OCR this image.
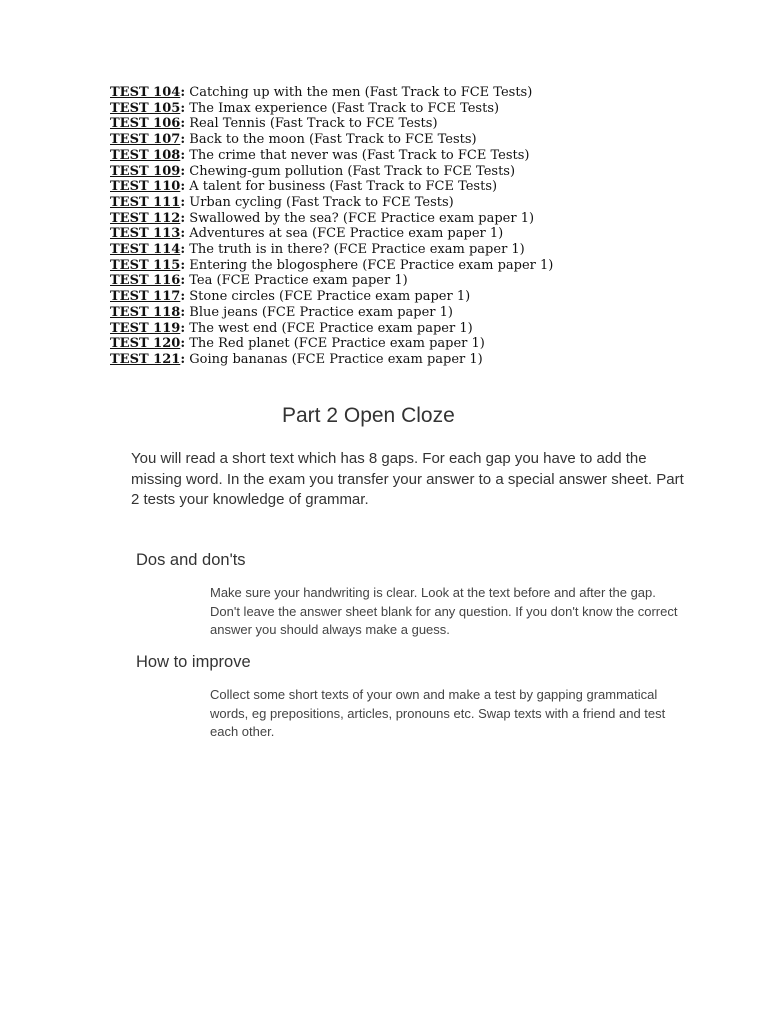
TEST 104: Catching up with the men (Fast Track to FCE Tests)
TEST 105: The Imax experience (Fast Track to FCE Tests)
TEST 106: Real Tennis (Fast Track to FCE Tests)
TEST 107: Back to the moon (Fast Track to FCE Tests)
TEST 108: The crime that never was (Fast Track to FCE Tests)
TEST 109: Chewing-gum pollution (Fast Track to FCE Tests)
TEST 110: A talent for business (Fast Track to FCE Tests)
TEST 111: Urban cycling (Fast Track to FCE Tests)
TEST 112: Swallowed by the sea? (FCE Practice exam paper 1)
TEST 113: Adventures at sea (FCE Practice exam paper 1)
TEST 114: The truth is in there? (FCE Practice exam paper 1)
TEST 115: Entering the blogosphere (FCE Practice exam paper 1)
TEST 116: Tea (FCE Practice exam paper 1)
TEST 117: Stone circles (FCE Practice exam paper 1)
TEST 118: Blue jeans (FCE Practice exam paper 1)
TEST 119: The west end (FCE Practice exam paper 1)
TEST 120: The Red planet (FCE Practice exam paper 1)
TEST 121: Going bananas (FCE Practice exam paper 1)
Part 2 Open Cloze

You will read a short text which has 8 gaps. For each gap you have to add the missing word. In the exam you transfer your answer to a special answer sheet. Part 2 tests your knowledge of grammar.

Dos and don'ts

Make sure your handwriting is clear. Look at the text before and after the gap. Don't leave the answer sheet blank for any question. If you don't know the correct answer you should always make a guess.

How to improve

Collect some short texts of your own and make a test by gapping grammatical words, eg prepositions, articles, pronouns etc. Swap texts with a friend and test each other.
